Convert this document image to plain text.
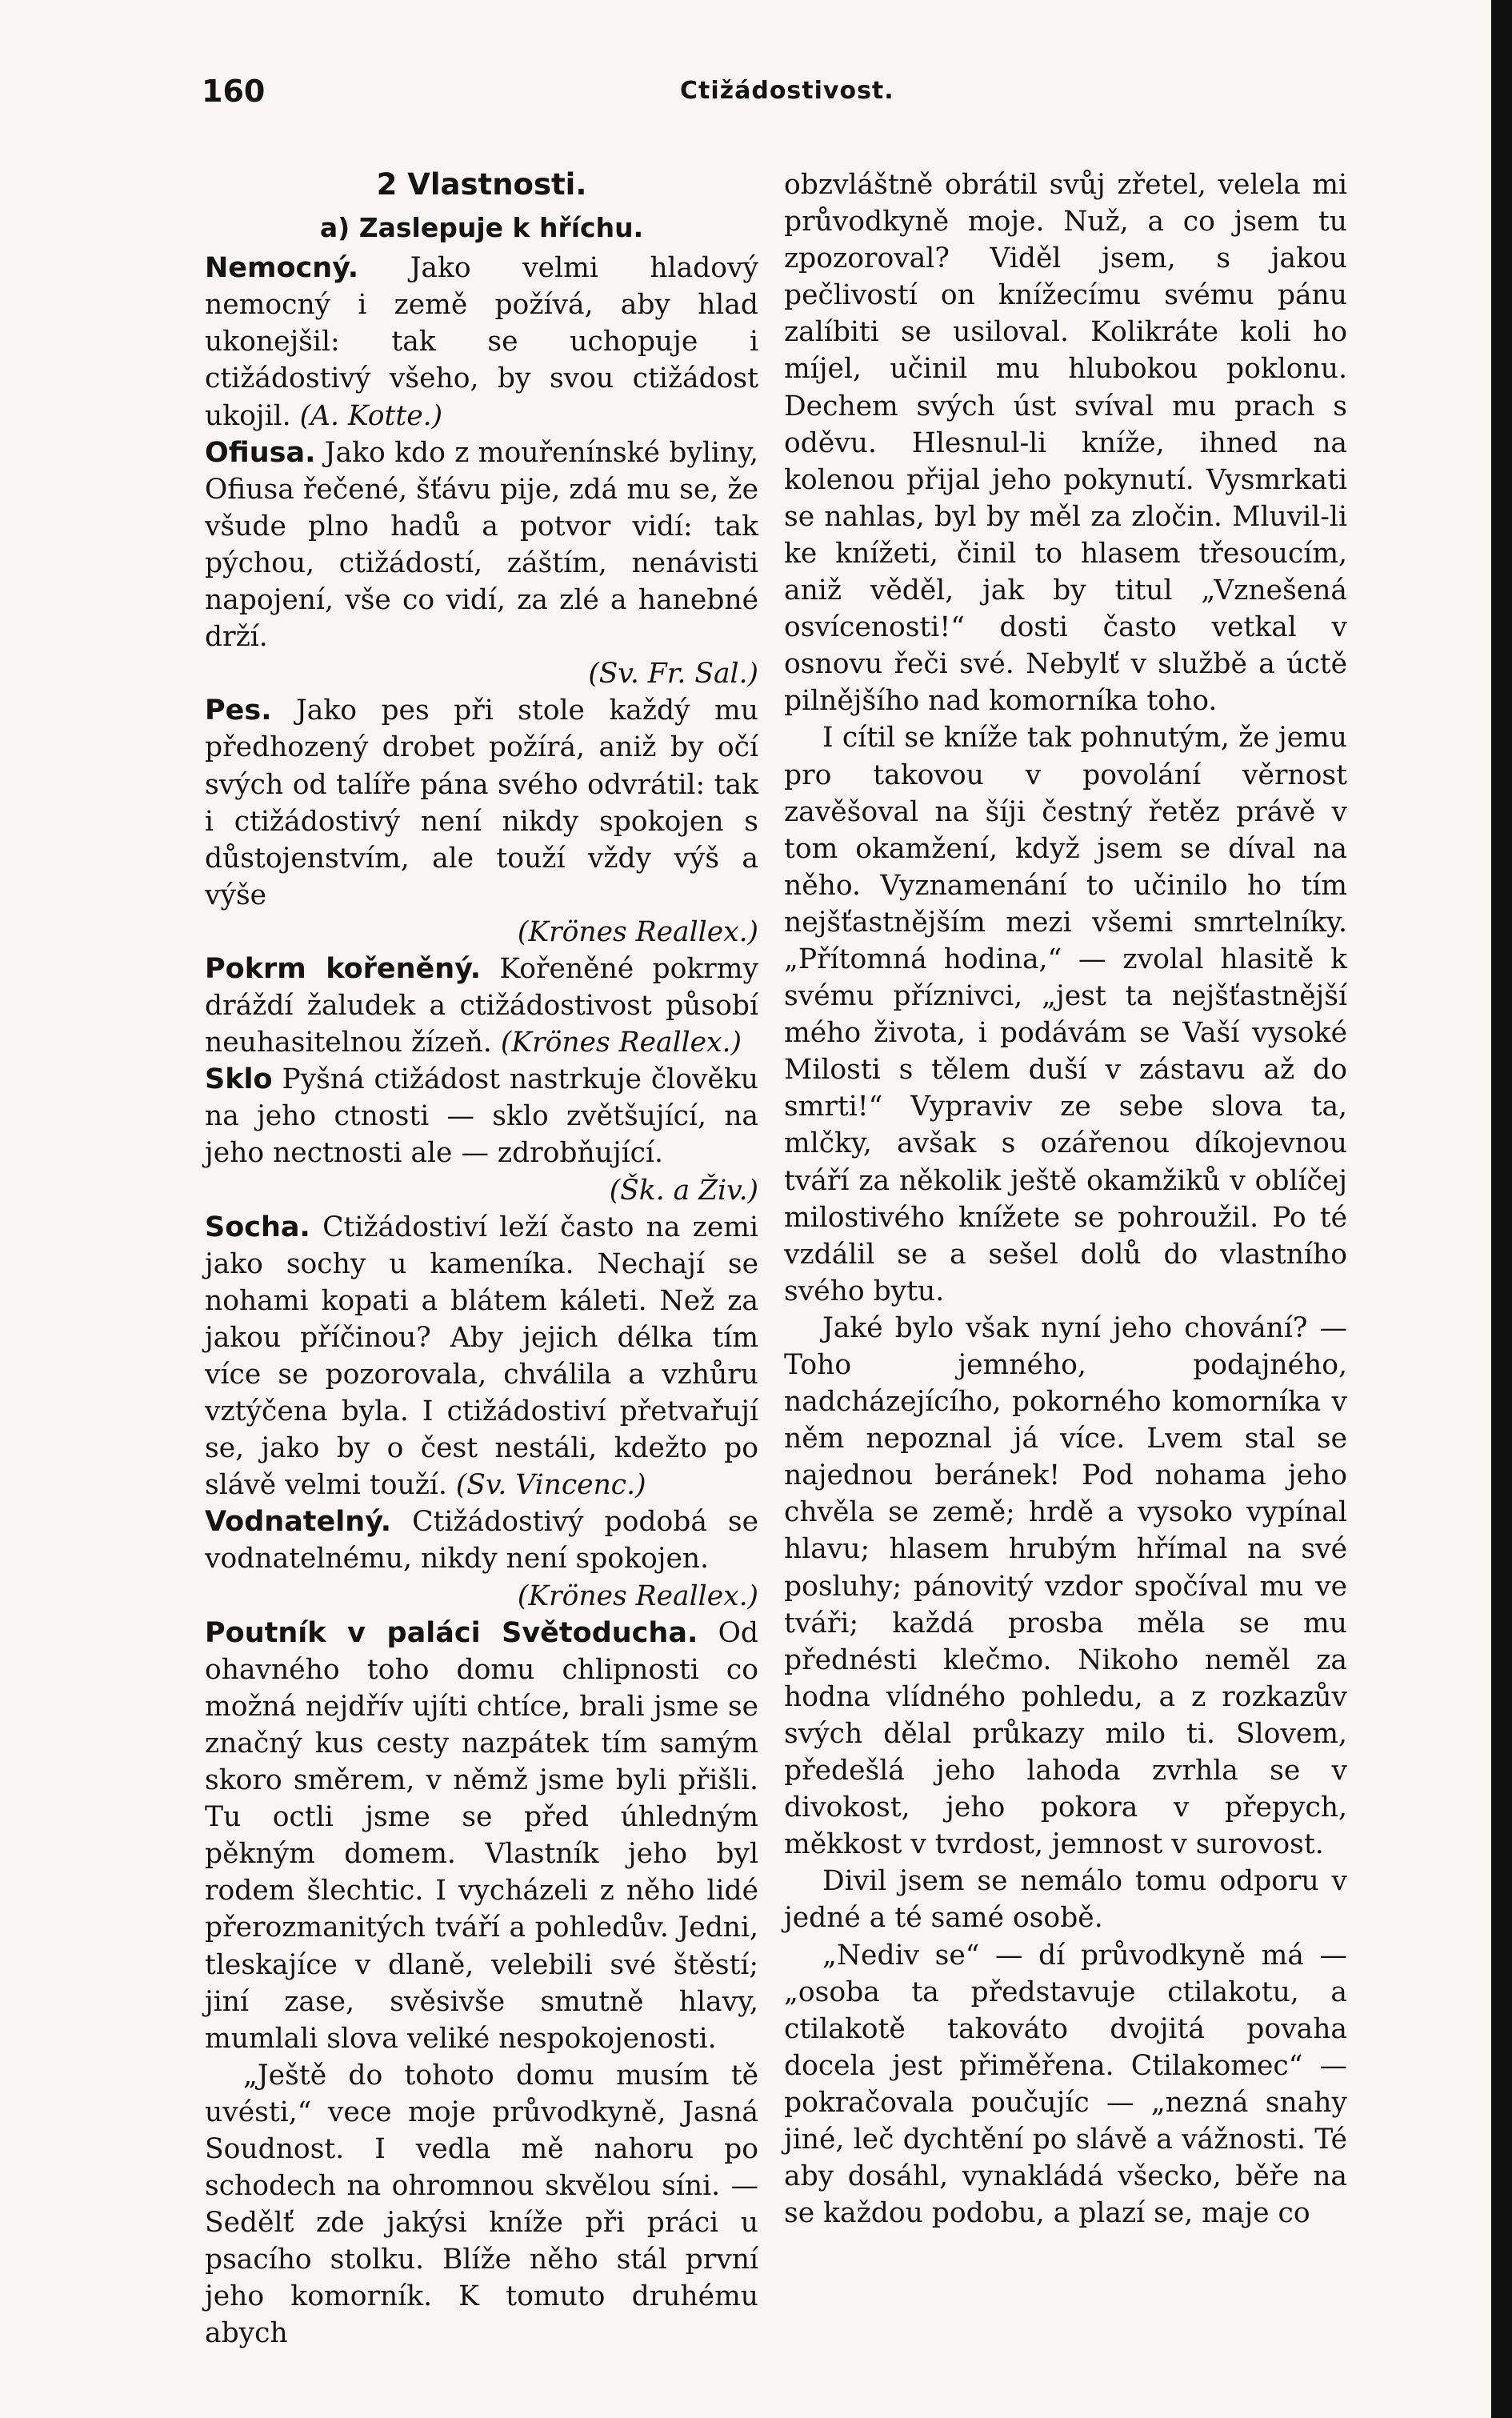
160	Ctižádostivost.

2 Vlastnosti.

a) Zaslepuje k hříchu.

Nemocný. Jako velmi hladový nemocný i země požívá, aby hlad ukonejšil: tak se uchopuje i ctižádostivý všeho, by svou ctižádost ukojil. (A. Kotte.)

Ofiusa. Jako kdo z mouřenínské byliny, Ofiusa řečené, šťávu pije, zdá mu se, že všude plno hadů a potvor vidí: tak pýchou, ctižádostí, záštím, nenávisti napojení, vše co vidí, za zlé a hanebné drží.
(Sv. Fr. Sal.)

Pes. Jako pes při stole každý mu předhozený drobet požírá, aniž by očí svých od talíře pána svého odvrátil: tak i ctižádostivý není nikdy spokojen s důstojenstvím, ale touží vždy výš a výše
(Krönes Reallex.)

Pokrm kořeněný. Kořeněné pokrmy dráždí žaludek a ctižádostivost působí neuhasitelnou žízeň. (Krönes Reallex.)

Sklo Pyšná ctižádost nastrkuje člověku na jeho ctnosti — sklo zvětšující, na jeho nectnosti ale — zdrobňující.
(Šk. a Živ.)

Socha. Ctižádostiví leží často na zemi jako sochy u kameníka. Nechají se nohami kopati a blátem káleti. Než za jakou příčinou? Aby jejich délka tím více se pozorovala, chválila a vzhůru vztýčena byla. I ctižádostiví přetvařují se, jako by o čest nestáli, kdežto po slávě velmi touží. (Sv. Vincenc.)

Vodnatelný. Ctižádostivý podobá se vodnatelnému, nikdy není spokojen.
(Krönes Reallex.)

Poutník v paláci Světoducha. Od ohavného toho domu chlipnosti co možná nejdřív ujíti chtíce, brali jsme se značný kus cesty nazpátek tím samým skoro směrem, v němž jsme byli přišli. Tu octli jsme se před úhledným pěkným domem. Vlastník jeho byl rodem šlechtic. I vycházeli z něho lidé přerozmanitých tváří a pohledův. Jedni, tleskajíce v dlaně, velebili své štěstí; jiní zase, svěsivše smutně hlavy, mumlali slova veliké nespokojenosti.

„Ještě do tohoto domu musím tě uvésti,“ vece moje průvodkyně, Jasná Soudnost. I vedla mě nahoru po schodech na ohromnou skvělou síni. — Sedělť zde jakýsi kníže při práci u psacího stolku. Blíže něho stál první jeho komorník. K tomuto druhému abych

obzvláštně obrátil svůj zřetel, velela mi průvodkyně moje. Nuž, a co jsem tu zpozoroval? Viděl jsem, s jakou pečlivostí on knížecímu svému pánu zalíbiti se usiloval. Kolikráte koli ho míjel, učinil mu hlubokou poklonu. Dechem svých úst svíval mu prach s oděvu. Hlesnul-li kníže, ihned na kolenou přijal jeho pokynutí. Vysmrkati se nahlas, byl by měl za zločin. Mluvil-li ke knížeti, činil to hlasem třesoucím, aniž věděl, jak by titul „Vznešená osvícenosti!“ dosti často vetkal v osnovu řeči své. Nebylť v službě a úctě pilnějšího nad komorníka toho.

I cítil se kníže tak pohnutým, že jemu pro takovou v povolání věrnost zavěšoval na šíji čestný řetěz právě v tom okamžení, když jsem se díval na něho. Vyznamenání to učinilo ho tím nejšťastnějším mezi všemi smrtelníky. „Přítomná hodina,“ — zvolal hlasitě k svému příznivci, „jest ta nejšťastnější mého života, i podávám se Vaší vysoké Milosti s tělem duší v zástavu až do smrti!“ Vypraviv ze sebe slova ta, mlčky, avšak s ozářenou díkojevnou tváří za několik ještě okamžiků v oblíčej milostivého knížete se pohroužil. Po té vzdálil se a sešel dolů do vlastního svého bytu.

Jaké bylo však nyní jeho chování? — Toho jemného, podajného, nadcházejícího, pokorného komorníka v něm nepoznal já více. Lvem stal se najednou beránek! Pod nohama jeho chvěla se země; hrdě a vysoko vypínal hlavu; hlasem hrubým hřímal na své posluhy; pánovitý vzdor spočíval mu ve tváři; každá prosba měla se mu přednésti klečmo. Nikoho neměl za hodna vlídného pohledu, a z rozkazův svých dělal průkazy milo ti. Slovem, předešlá jeho lahoda zvrhla se v divokost, jeho pokora v přepych, měkkost v tvrdost, jemnost v surovost.

Divil jsem se nemálo tomu odporu v jedné a té samé osobě.

„Nediv se“ — dí průvodkyně má — „osoba ta představuje ctilakotu, a ctilakotě takováto dvojitá povaha docela jest přiměřena. Ctilakomec“ — pokračovala poučujíc — „nezná snahy jiné, leč dychtění po slávě a vážnosti. Té aby dosáhl, vynakládá všecko, běře na se každou podobu, a plazí se, maje co
